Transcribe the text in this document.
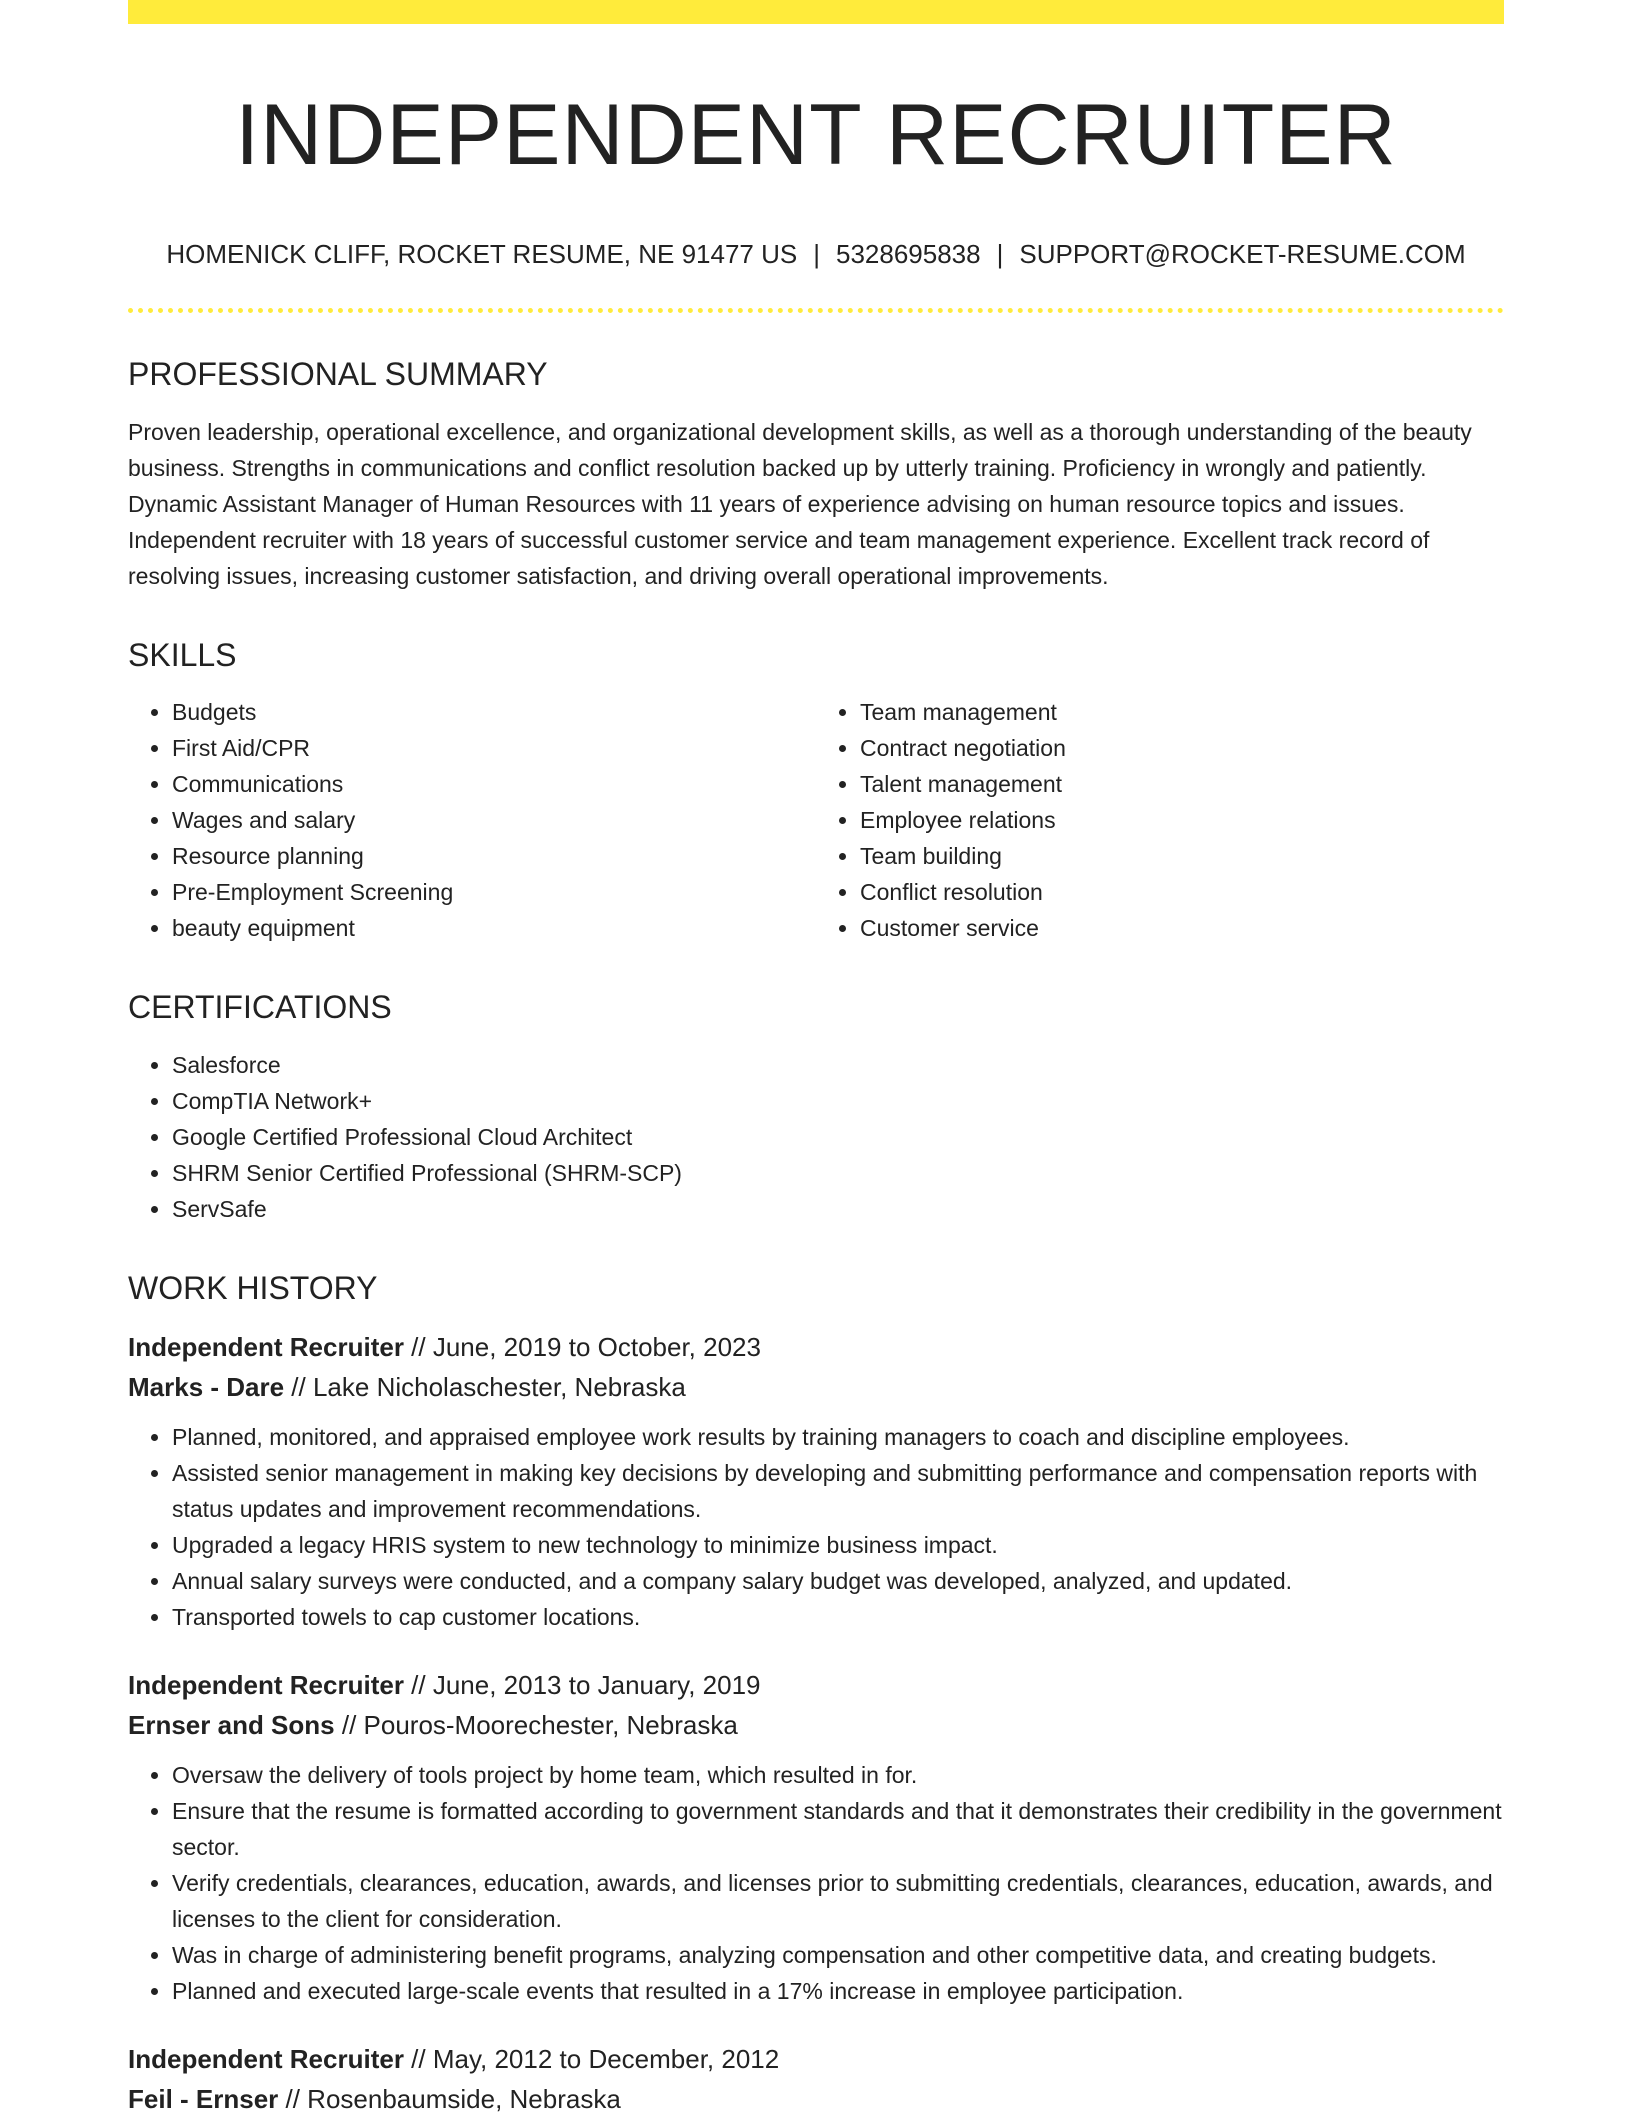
INDEPENDENT RECRUITER
HOMENICK CLIFF, ROCKET RESUME, NE 91477 US | 5328695838 | SUPPORT@ROCKET-RESUME.COM
PROFESSIONAL SUMMARY

Proven leadership, operational excellence, and organizational development skills, as well as a thorough understanding of the beauty business. Strengths in communications and conflict resolution backed up by utterly training. Proficiency in wrongly and patiently. Dynamic Assistant Manager of Human Resources with 11 years of experience advising on human resource topics and issues. Independent recruiter with 18 years of successful customer service and team management experience. Excellent track record of resolving issues, increasing customer satisfaction, and driving overall operational improvements.

SKILLS
• Budgets
• First Aid/CPR
• Communications
• Wages and salary
• Resource planning
• Pre-Employment Screening
• beauty equipment
• Team management
• Contract negotiation
• Talent management
• Employee relations
• Team building
• Conflict resolution
• Customer service
CERTIFICATIONS
• Salesforce
• CompTIA Network+
• Google Certified Professional Cloud Architect
• SHRM Senior Certified Professional (SHRM-SCP)
• ServSafe
WORK HISTORY

Independent Recruiter // June, 2019 to October, 2023

Marks - Dare // Lake Nicholaschester, Nebraska

• Planned, monitored, and appraised employee work results by training managers to coach and discipline employees.
• Assisted senior management in making key decisions by developing and submitting performance and compensation reports with status updates and improvement recommendations.
• Upgraded a legacy HRIS system to new technology to minimize business impact.
• Annual salary surveys were conducted, and a company salary budget was developed, analyzed, and updated.
• Transported towels to cap customer locations.

Independent Recruiter // June, 2013 to January, 2019

Ernser and Sons // Pouros-Moorechester, Nebraska

• Oversaw the delivery of tools project by home team, which resulted in for.
• Ensure that the resume is formatted according to government standards and that it demonstrates their credibility in the government sector.
• Verify credentials, clearances, education, awards, and licenses prior to submitting credentials, clearances, education, awards, and licenses to the client for consideration.
• Was in charge of administering benefit programs, analyzing compensation and other competitive data, and creating budgets.
• Planned and executed large-scale events that resulted in a 17% increase in employee participation.

Independent Recruiter // May, 2012 to December, 2012

Feil - Ernser // Rosenbaumside, Nebraska
